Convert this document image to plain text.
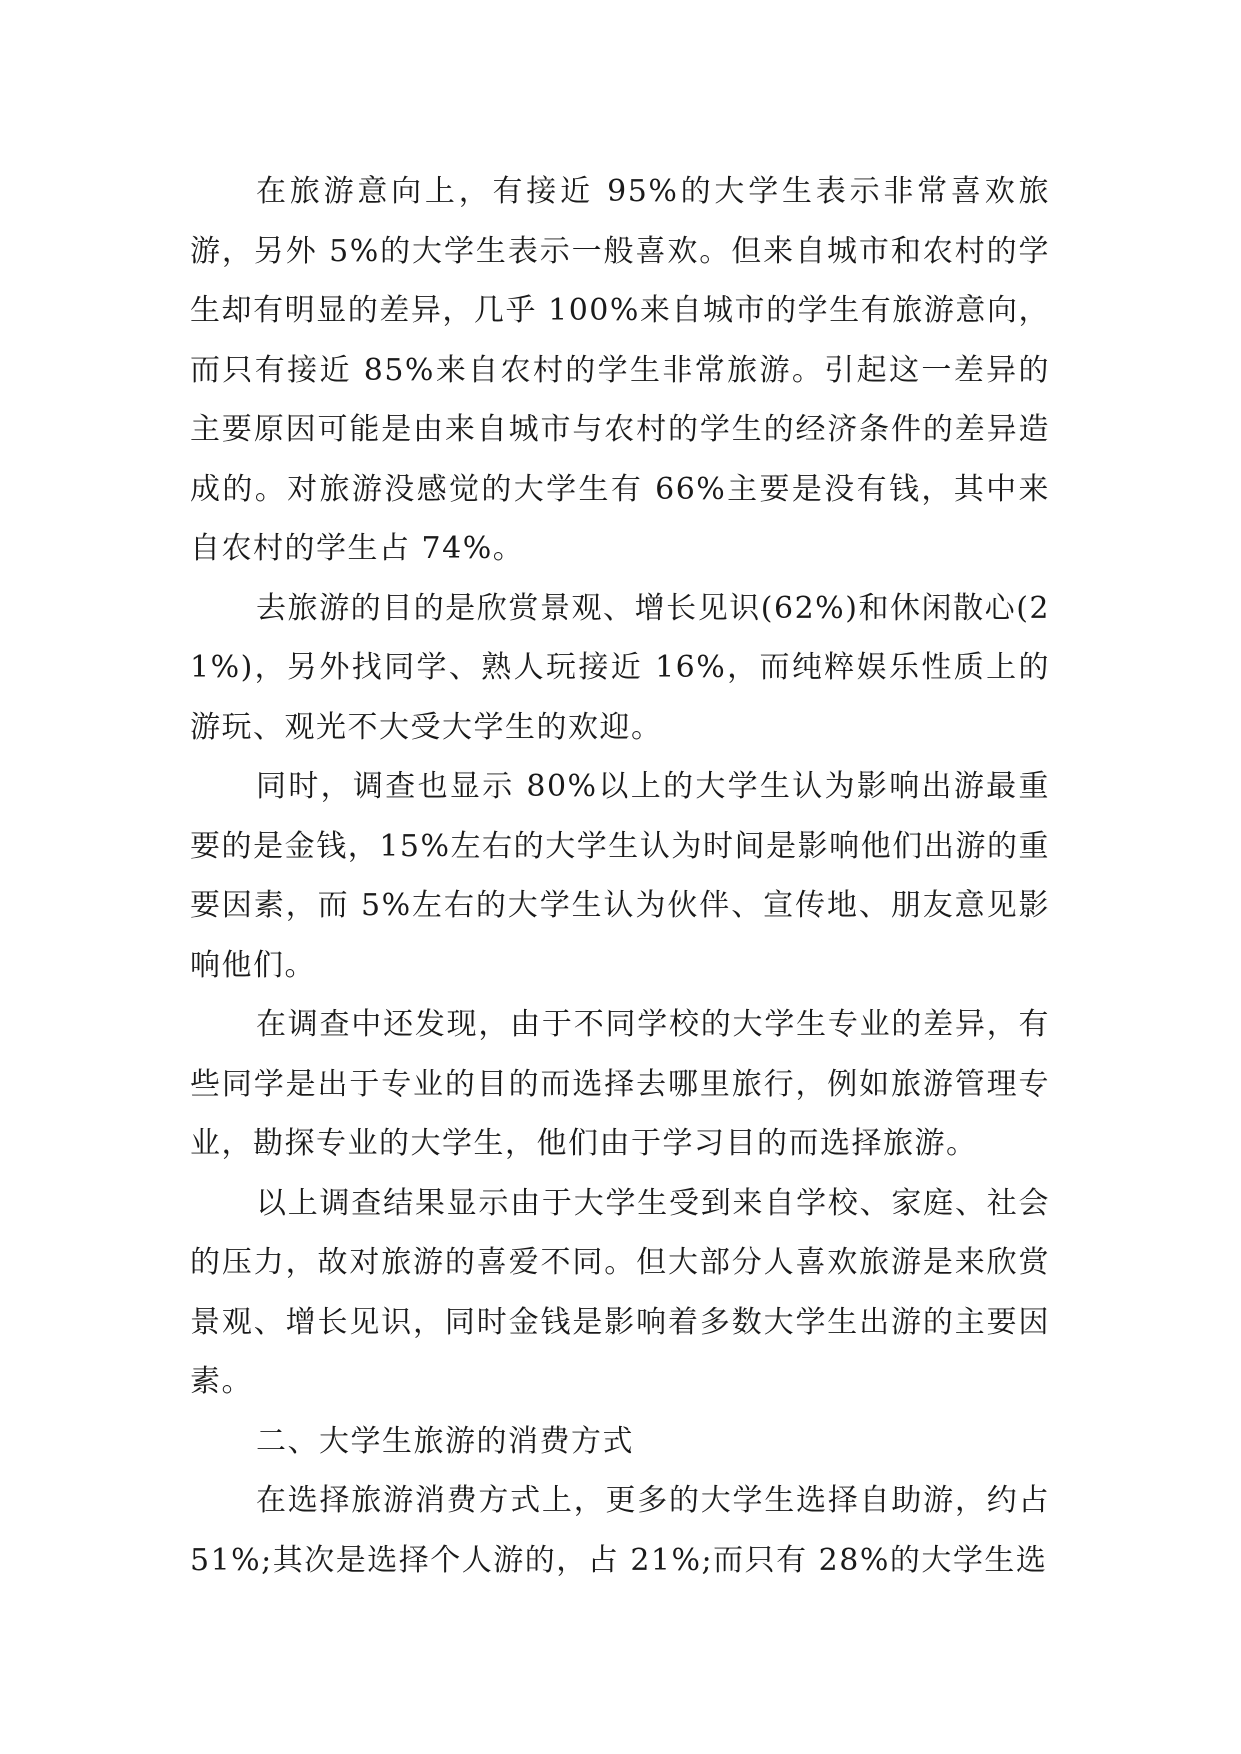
在旅游意向上，有接近 95%的大学生表示非常喜欢旅游，另外 5%的大学生表示一般喜欢。但来自城市和农村的学生却有明显的差异，几乎 100%来自城市的学生有旅游意向，而只有接近 85%来自农村的学生非常旅游。引起这一差异的主要原因可能是由来自城市与农村的学生的经济条件的差异造成的。对旅游没感觉的大学生有 66%主要是没有钱，其中来自农村的学生占 74%。

去旅游的目的是欣赏景观、增长见识(62%)和休闲散心(21%)，另外找同学、熟人玩接近 16%，而纯粹娱乐性质上的游玩、观光不大受大学生的欢迎。

同时，调查也显示 80%以上的大学生认为影响出游最重要的是金钱，15%左右的大学生认为时间是影响他们出游的重要因素，而 5%左右的大学生认为伙伴、宣传地、朋友意见影响他们。

在调查中还发现，由于不同学校的大学生专业的差异，有些同学是出于专业的目的而选择去哪里旅行，例如旅游管理专业，勘探专业的大学生，他们由于学习目的而选择旅游。

以上调查结果显示由于大学生受到来自学校、家庭、社会的压力，故对旅游的喜爱不同。但大部分人喜欢旅游是来欣赏景观、增长见识，同时金钱是影响着多数大学生出游的主要因素。

二、大学生旅游的消费方式

在选择旅游消费方式上，更多的大学生选择自助游，约占 51%;其次是选择个人游的，占 21%;而只有 28%的大学生选
